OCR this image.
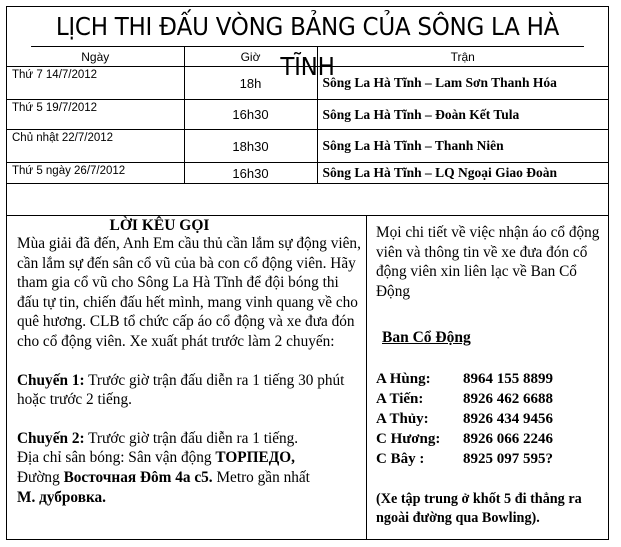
LỊCH THI ĐẤU VÒNG BẢNG CỦA SÔNG LA HÀ TĨNH
Ngày	Giờ	Trận
Thứ 7 14/7/2012	18h	Sông La Hà Tĩnh – Lam Sơn Thanh Hóa
Thứ 5 19/7/2012	16h30	Sông La Hà Tĩnh – Đoàn Kết Tula
Chủ nhật 22/7/2012	18h30	Sông La Hà Tĩnh – Thanh Niên
Thứ 5 ngày 26/7/2012	16h30	Sông La Hà Tĩnh – LQ Ngoại Giao Đoàn
LỜI KÊU GỌI

Mùa giải đã đến, Anh Em cầu thủ cần lắm sự động viên, cần lắm sự đến sân cổ vũ của bà con cổ động viên. Hãy tham gia cổ vũ cho Sông La Hà Tĩnh để đội bóng thi đấu tự tin, chiến đấu hết mình, mang vinh quang về cho quê hương. CLB tổ chức cấp áo cổ động và xe đưa đón cho cổ động viên. Xe xuất phát trước làm 2 chuyến:

Chuyến 1: Trước giờ trận đấu diễn ra 1 tiếng 30 phút hoặc trước 2 tiếng.

Chuyến 2: Trước giờ trận đấu diễn ra 1 tiếng.

Địa chỉ sân bóng: Sân vận động ТОРПЕДО,
Đường Восточная Đôm 4a c5. Metro gần nhất
M. дубровка.

Mọi chi tiết về việc nhận áo cổ động viên và thông tin về xe đưa đón cổ động viên xin liên lạc về Ban Cổ Động

Ban Cổ Động

A Hùng:	8964 155 8899
A Tiến:	8926 462 6688
A Thủy:	8926 434 9456
C Hương:	8926 066 2246
C Bây :	8925 097 595?

(Xe tập trung ở khốt 5 đi thẳng ra ngoài đường qua Bowling).
